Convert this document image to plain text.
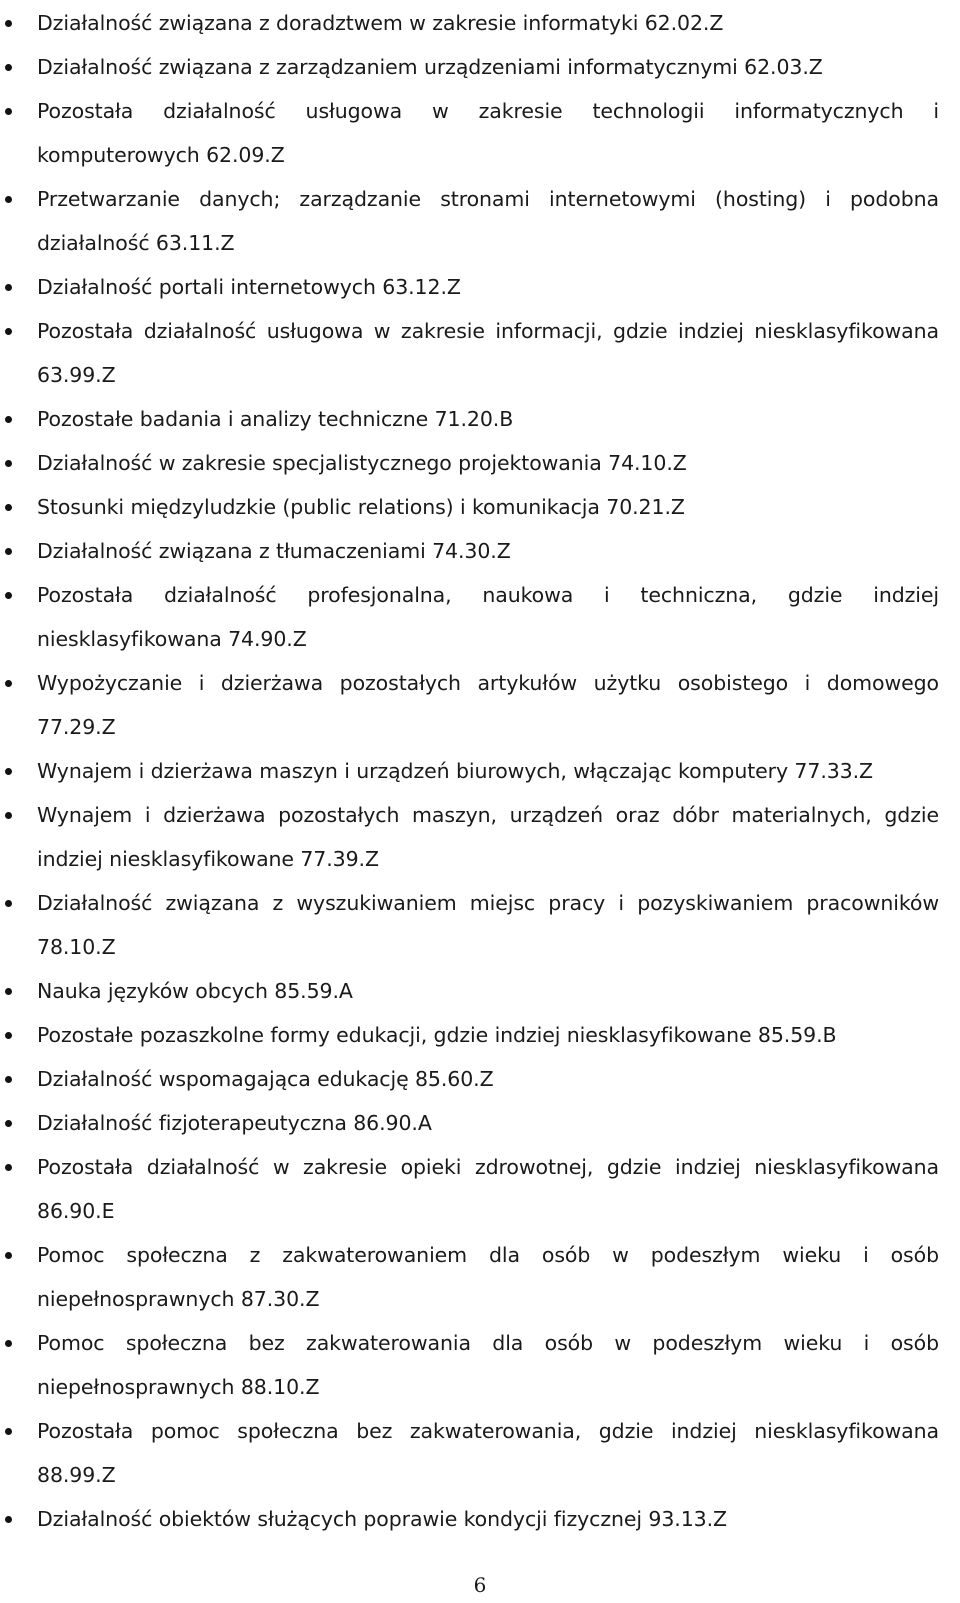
Działalność związana z doradztwem w zakresie informatyki 62.02.Z
Działalność związana z zarządzaniem urządzeniami informatycznymi 62.03.Z
Pozostała działalność usługowa w zakresie technologii informatycznych i komputerowych 62.09.Z
Przetwarzanie danych; zarządzanie stronami internetowymi (hosting) i podobna działalność 63.11.Z
Działalność portali internetowych 63.12.Z
Pozostała działalność usługowa w zakresie informacji, gdzie indziej niesklasyfikowana 63.99.Z
Pozostałe badania i analizy techniczne 71.20.B
Działalność w zakresie specjalistycznego projektowania 74.10.Z
Stosunki międzyludzkie (public relations) i komunikacja 70.21.Z
Działalność związana z tłumaczeniami 74.30.Z
Pozostała działalność profesjonalna, naukowa i techniczna, gdzie indziej niesklasyfikowana 74.90.Z
Wypożyczanie i dzierżawa pozostałych artykułów użytku osobistego i domowego 77.29.Z
Wynajem i dzierżawa maszyn i urządzeń biurowych, włączając komputery 77.33.Z
Wynajem i dzierżawa pozostałych maszyn, urządzeń oraz dóbr materialnych, gdzie indziej niesklasyfikowane 77.39.Z
Działalność związana z wyszukiwaniem miejsc pracy i pozyskiwaniem pracowników 78.10.Z
Nauka języków obcych 85.59.A
Pozostałe pozaszkolne formy edukacji, gdzie indziej niesklasyfikowane 85.59.B
Działalność wspomagająca edukację 85.60.Z
Działalność fizjoterapeutyczna 86.90.A
Pozostała działalność w zakresie opieki zdrowotnej, gdzie indziej niesklasyfikowana 86.90.E
Pomoc społeczna z zakwaterowaniem dla osób w podeszłym wieku i osób niepełnosprawnych 87.30.Z
Pomoc społeczna bez zakwaterowania dla osób w podeszłym wieku i osób niepełnosprawnych 88.10.Z
Pozostała pomoc społeczna bez zakwaterowania, gdzie indziej niesklasyfikowana 88.99.Z
Działalność obiektów służących poprawie kondycji fizycznej 93.13.Z
6
